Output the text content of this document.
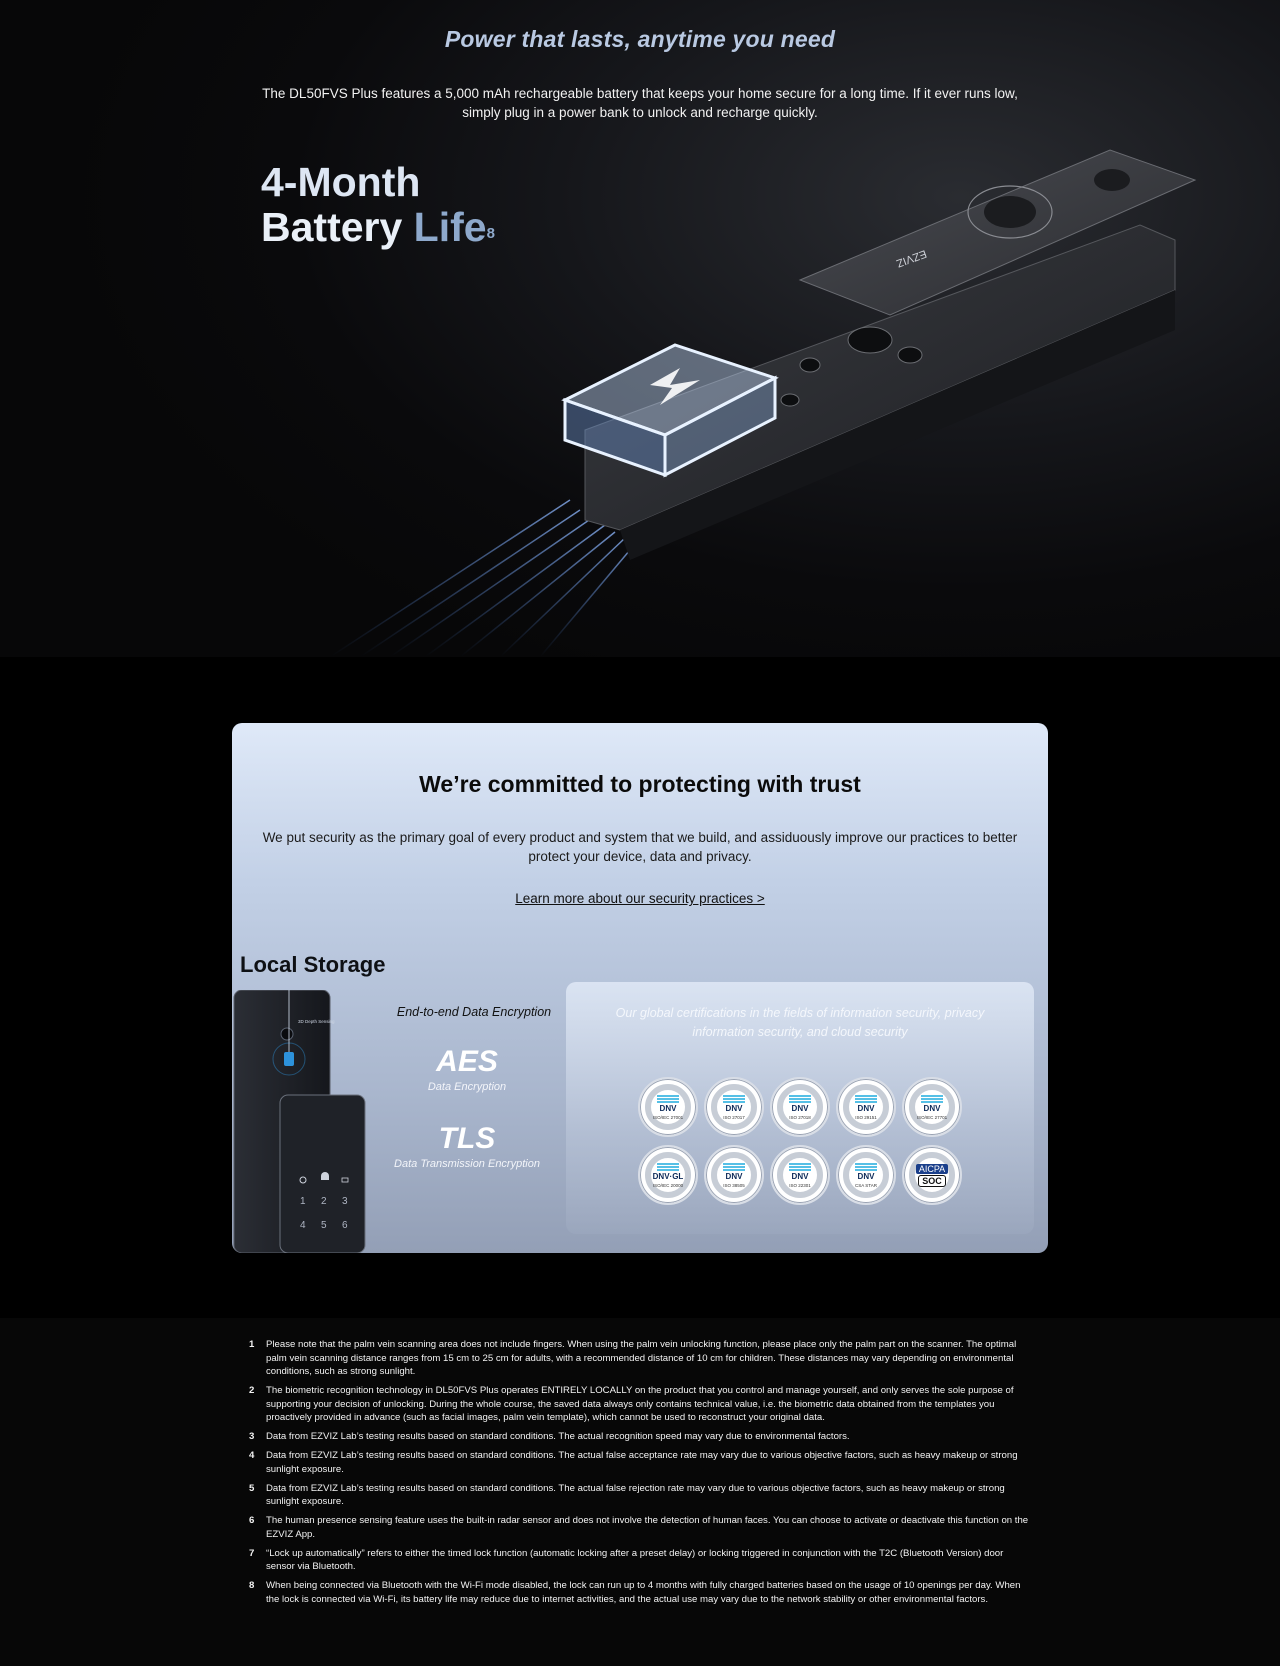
Power that lasts, anytime you need

The DL50FVS Plus features a 5,000 mAh rechargeable battery that keeps your home secure for a long time. If it ever runs low, simply plug in a power bank to unlock and recharge quickly.

4-Month
Battery Life$^8$
EZVIZ
We’re committed to protecting with trust

We put security as the primary goal of every product and system that we build, and assiduously improve our practices to better protect your device, data and privacy.

Learn more about our security practices >
Local Storage
3D Depth Sensing
1 2 3
4 5 6
End-to-end Data Encryption
AES
Data Encryption
TLS
Data Transmission Encryption

Our global certifications in the fields of information security, privacy information security, and cloud security

DNV
ISO/IEC 27001
DNV
ISO 27017
DNV
ISO 27018
DNV
ISO 29151
DNV
ISO/IEC 27701
DNV·GL
ISO/IEC 20000
DNV
ISO 38505
DNV
ISO 22301
DNV
CSA STAR
AICPA
SOC
1	Please note that the palm vein scanning area does not include fingers. When using the palm vein unlocking function, please place only the palm part on the scanner. The optimal palm vein scanning distance ranges from 15 cm to 25 cm for adults, with a recommended distance of 10 cm for children. These distances may vary depending on environmental conditions, such as strong sunlight.
2	The biometric recognition technology in DL50FVS Plus operates ENTIRELY LOCALLY on the product that you control and manage yourself, and only serves the sole purpose of supporting your decision of unlocking. During the whole course, the saved data always only contains technical value, i.e. the biometric data obtained from the templates you proactively provided in advance (such as facial images, palm vein template), which cannot be used to reconstruct your original data.
3	Data from EZVIZ Lab’s testing results based on standard conditions. The actual recognition speed may vary due to environmental factors.
4	Data from EZVIZ Lab’s testing results based on standard conditions. The actual false acceptance rate may vary due to various objective factors, such as heavy makeup or strong sunlight exposure.
5	Data from EZVIZ Lab’s testing results based on standard conditions. The actual false rejection rate may vary due to various objective factors, such as heavy makeup or strong sunlight exposure.
6	The human presence sensing feature uses the built-in radar sensor and does not involve the detection of human faces. You can choose to activate or deactivate this function on the EZVIZ App.
7	“Lock up automatically” refers to either the timed lock function (automatic locking after a preset delay) or locking triggered in conjunction with the T2C (Bluetooth Version) door sensor via Bluetooth.
8	When being connected via Bluetooth with the Wi-Fi mode disabled, the lock can run up to 4 months with fully charged batteries based on the usage of 10 openings per day. When the lock is connected via Wi-Fi, its battery life may reduce due to internet activities, and the actual use may vary due to the network stability or other environmental factors.
